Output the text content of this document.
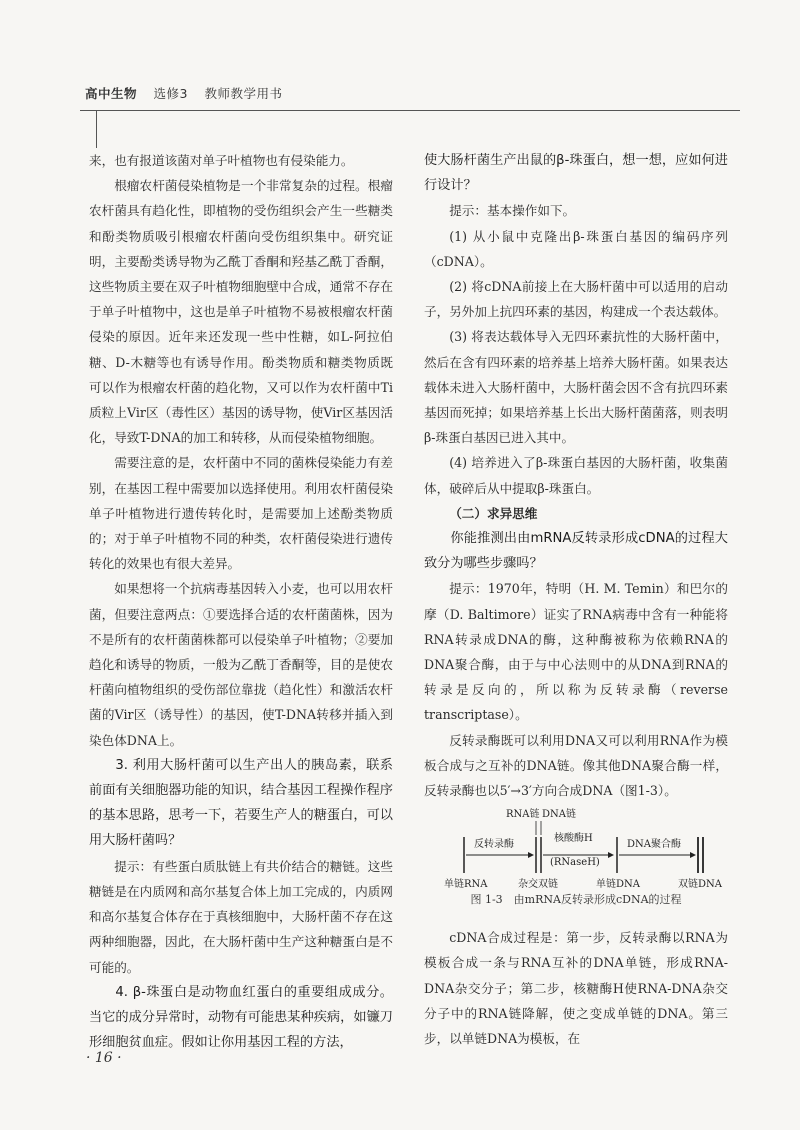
高中生物 选修3 教师教学用书

来，也有报道该菌对单子叶植物也有侵染能力。

根瘤农杆菌侵染植物是一个非常复杂的过程。根瘤农杆菌具有趋化性，即植物的受伤组织会产生一些糖类和酚类物质吸引根瘤农杆菌向受伤组织集中。研究证明，主要酚类诱导物为乙酰丁香酮和羟基乙酰丁香酮，这些物质主要在双子叶植物细胞壁中合成，通常不存在于单子叶植物中，这也是单子叶植物不易被根瘤农杆菌侵染的原因。近年来还发现一些中性糖，如L-阿拉伯糖、D-木糖等也有诱导作用。酚类物质和糖类物质既可以作为根瘤农杆菌的趋化物，又可以作为农杆菌中Ti质粒上Vir区（毒性区）基因的诱导物，使Vir区基因活化，导致T-DNA的加工和转移，从而侵染植物细胞。

需要注意的是，农杆菌中不同的菌株侵染能力有差别，在基因工程中需要加以选择使用。利用农杆菌侵染单子叶植物进行遗传转化时，是需要加上述酚类物质的；对于单子叶植物不同的种类，农杆菌侵染进行遗传转化的效果也有很大差异。

如果想将一个抗病毒基因转入小麦，也可以用农杆菌，但要注意两点：①要选择合适的农杆菌菌株，因为不是所有的农杆菌菌株都可以侵染单子叶植物；②要加趋化和诱导的物质，一般为乙酰丁香酮等，目的是使农杆菌向植物组织的受伤部位靠拢（趋化性）和激活农杆菌的Vir区（诱导性）的基因，使T-DNA转移并插入到染色体DNA上。

3. 利用大肠杆菌可以生产出人的胰岛素，联系前面有关细胞器功能的知识，结合基因工程操作程序的基本思路，思考一下，若要生产人的糖蛋白，可以用大肠杆菌吗？

提示：有些蛋白质肽链上有共价结合的糖链。这些糖链是在内质网和高尔基复合体上加工完成的，内质网和高尔基复合体存在于真核细胞中，大肠杆菌不存在这两种细胞器，因此，在大肠杆菌中生产这种糖蛋白是不可能的。

4. β-珠蛋白是动物血红蛋白的重要组成成分。当它的成分异常时，动物有可能患某种疾病，如镰刀形细胞贫血症。假如让你用基因工程的方法，

使大肠杆菌生产出鼠的β-珠蛋白，想一想，应如何进行设计？

提示：基本操作如下。

(1) 从小鼠中克隆出β-珠蛋白基因的编码序列（cDNA）。

(2) 将cDNA前接上在大肠杆菌中可以适用的启动子，另外加上抗四环素的基因，构建成一个表达载体。

(3) 将表达载体导入无四环素抗性的大肠杆菌中，然后在含有四环素的培养基上培养大肠杆菌。如果表达载体未进入大肠杆菌中，大肠杆菌会因不含有抗四环素基因而死掉；如果培养基上长出大肠杆菌菌落，则表明β-珠蛋白基因已进入其中。

(4) 培养进入了β-珠蛋白基因的大肠杆菌，收集菌体，破碎后从中提取β-珠蛋白。

（二）求异思维

你能推测出由mRNA反转录形成cDNA的过程大致分为哪些步骤吗？

提示：1970年，特明（H. M. Temin）和巴尔的摩（D. Baltimore）证实了RNA病毒中含有一种能将RNA转录成DNA的酶，这种酶被称为依赖RNA的DNA聚合酶，由于与中心法则中的从DNA到RNA的转录是反向的，所以称为反转录酶（reverse transcriptase）。

反转录酶既可以利用DNA又可以利用RNA作为模板合成与之互补的DNA链。像其他DNA聚合酶一样，反转录酶也以5′→3′方向合成DNA（图1-3）。

RNA链 DNA链
反转录酶
核酸酶H
(RNaseH)
DNA聚合酶
单链RNA	杂交双链	单链DNA	双链DNA
图 1-3　由mRNA反转录形成cDNA的过程

cDNA合成过程是：第一步，反转录酶以RNA为模板合成一条与RNA互补的DNA单链，形成RNA-DNA杂交分子；第二步，核糖酶H使RNA-DNA杂交分子中的RNA链降解，使之变成单链的DNA。第三步，以单链DNA为模板，在

· 16 ·
